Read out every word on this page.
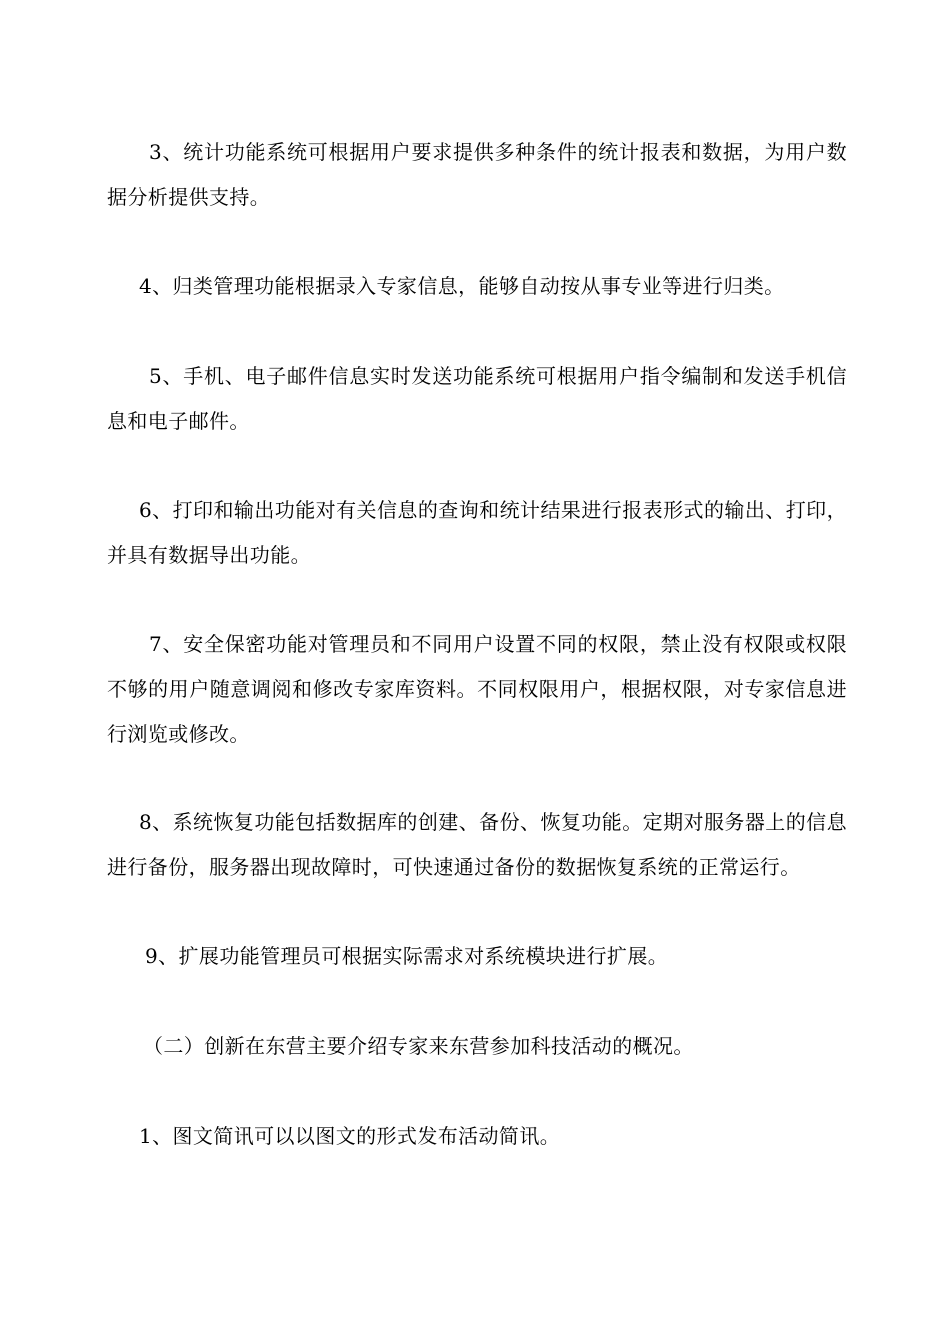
3、统计功能系统可根据用户要求提供多种条件的统计报表和数据，为用户数据分析提供支持。

4、归类管理功能根据录入专家信息，能够自动按从事专业等进行归类。

5、手机、电子邮件信息实时发送功能系统可根据用户指令编制和发送手机信息和电子邮件。

6、打印和输出功能对有关信息的查询和统计结果进行报表形式的输出、打印，并具有数据导出功能。

7、安全保密功能对管理员和不同用户设置不同的权限，禁止没有权限或权限不够的用户随意调阅和修改专家库资料。不同权限用户，根据权限，对专家信息进行浏览或修改。

8、系统恢复功能包括数据库的创建、备份、恢复功能。定期对服务器上的信息进行备份，服务器出现故障时，可快速通过备份的数据恢复系统的正常运行。

9、扩展功能管理员可根据实际需求对系统模块进行扩展。

（二）创新在东营主要介绍专家来东营参加科技活动的概况。

1、图文简讯可以以图文的形式发布活动简讯。
